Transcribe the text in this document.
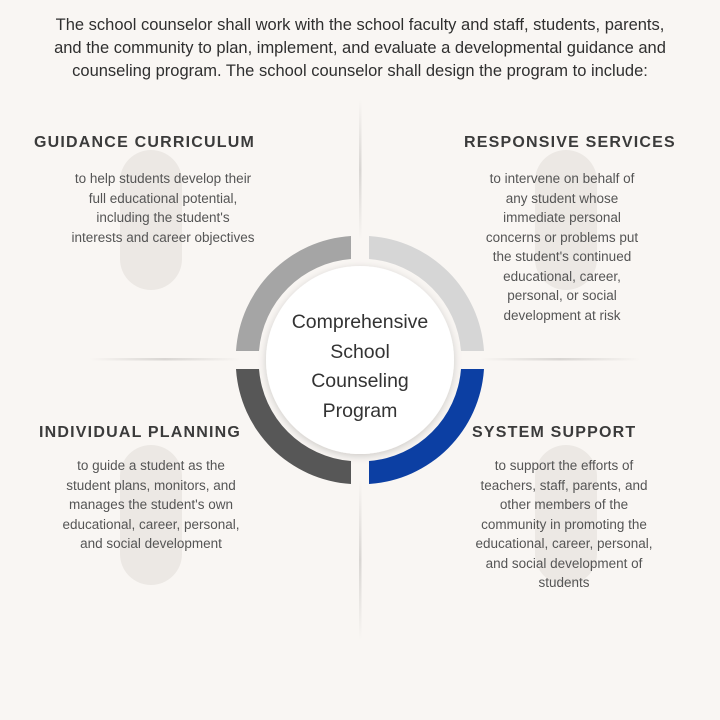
The school counselor shall work with the school faculty and staff, students, parents, and the community to plan, implement, and evaluate a developmental guidance and counseling program. The school counselor shall design the program to include:
Comprehensive
School
Counseling
Program
GUIDANCE CURRICULUM
to help students develop their full educational potential, including the student's interests and career objectives
RESPONSIVE SERVICES
to intervene on behalf of any student whose immediate personal concerns or problems put the student's continued educational, career, personal, or social development at risk
INDIVIDUAL PLANNING
to guide a student as the student plans, monitors, and manages the student's own educational, career, personal, and social development
SYSTEM SUPPORT
to support the efforts of teachers, staff, parents, and other members of the community in promoting the educational, career, personal, and social development of students
